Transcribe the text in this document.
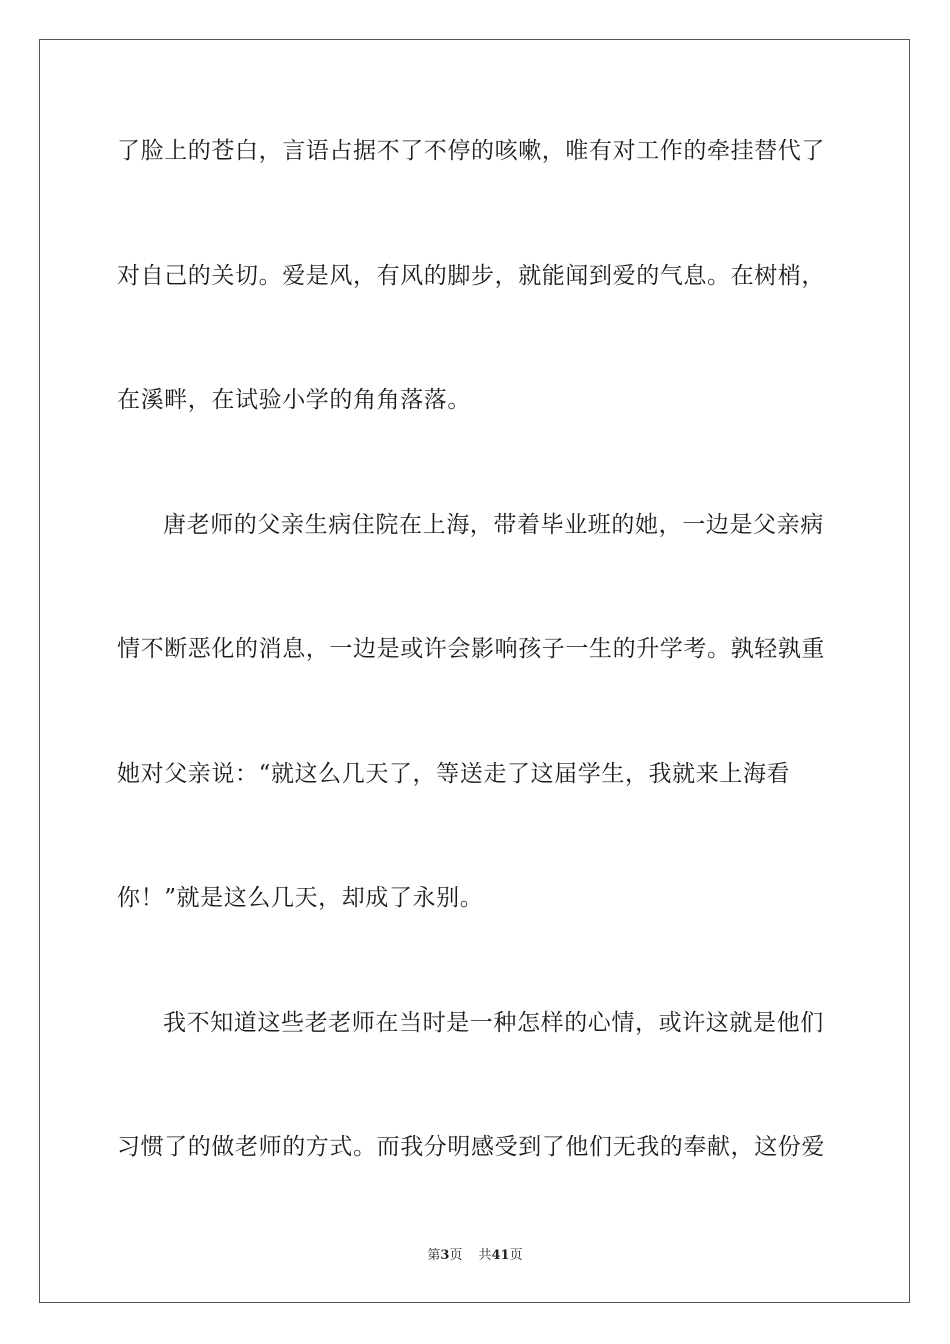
了脸上的苍白，言语占据不了不停的咳嗽，唯有对工作的牵挂替代了
对自己的关切。爱是风，有风的脚步，就能闻到爱的气息。在树梢，
在溪畔，在试验小学的角角落落。
唐老师的父亲生病住院在上海，带着毕业班的她，一边是父亲病
情不断恶化的消息，一边是或许会影响孩子一生的升学考。孰轻孰重
她对父亲说：“就这么几天了，等送走了这届学生，我就来上海看
你！”就是这么几天，却成了永别。
我不知道这些老老师在当时是一种怎样的心情，或许这就是他们
习惯了的做老师的方式。而我分明感受到了他们无我的奉献，这份爱
第3页 共41页
